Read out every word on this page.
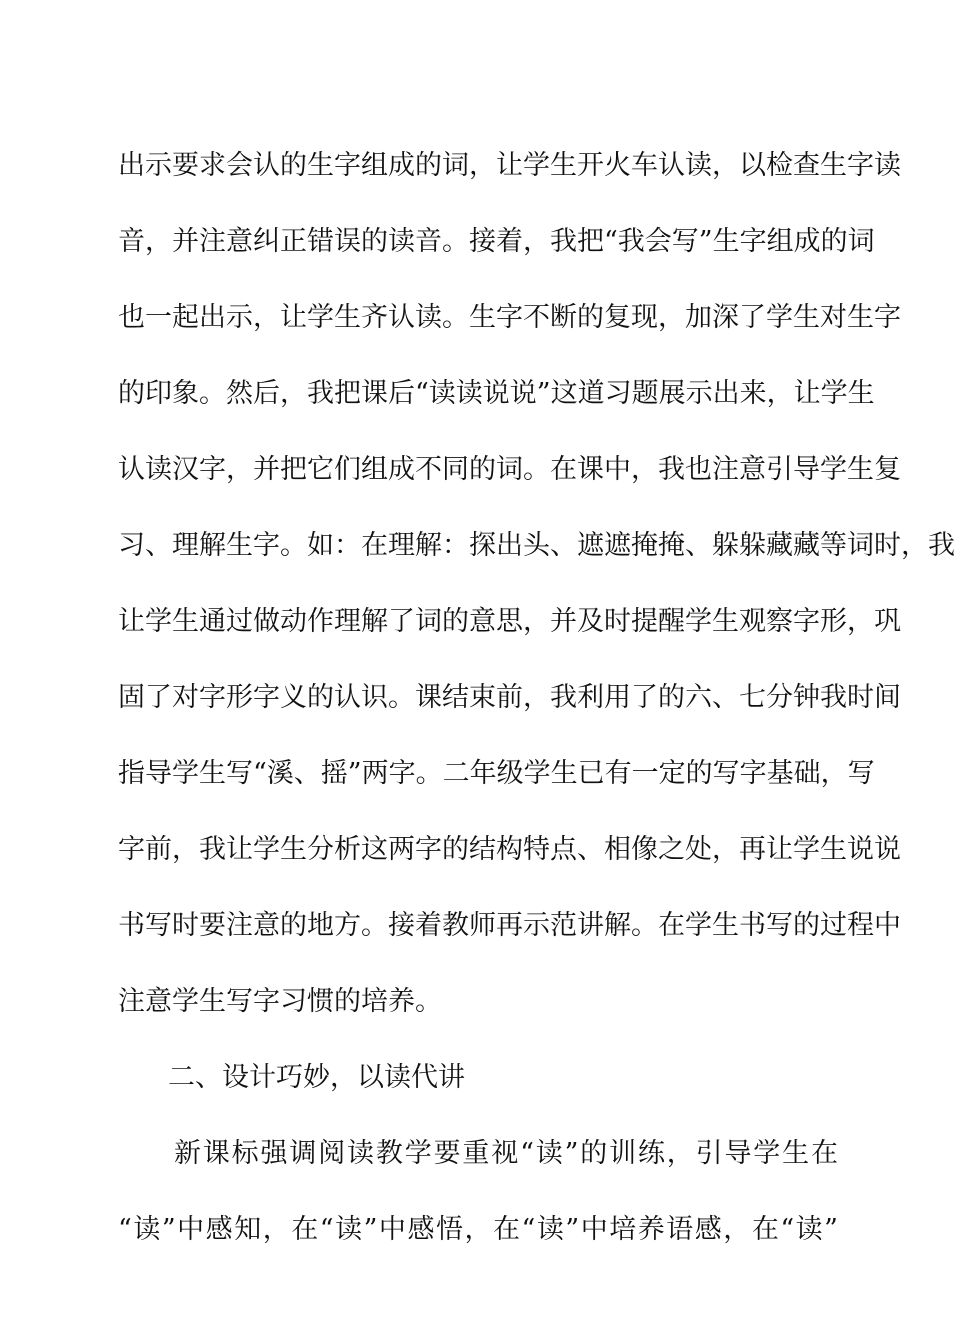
出示要求会认的生字组成的词，让学生开火车认读，以检查生字读
音，并注意纠正错误的读音。接着，我把“我会写”生字组成的词
也一起出示，让学生齐认读。生字不断的复现，加深了学生对生字
的印象。然后，我把课后“读读说说”这道习题展示出来，让学生
认读汉字，并把它们组成不同的词。在课中，我也注意引导学生复
习、理解生字。如：在理解：探出头、遮遮掩掩、躲躲藏藏等词时，我
让学生通过做动作理解了词的意思，并及时提醒学生观察字形，巩
固了对字形字义的认识。课结束前，我利用了的六、七分钟我时间
指导学生写“溪、摇”两字。二年级学生已有一定的写字基础，写
字前，我让学生分析这两字的结构特点、相像之处，再让学生说说
书写时要注意的地方。接着教师再示范讲解。在学生书写的过程中
注意学生写字习惯的培养。
二、设计巧妙，以读代讲
新课标强调阅读教学要重视“读”的训练，引导学生在
“读”中感知，在“读”中感悟，在“读”中培养语感，在“读”
